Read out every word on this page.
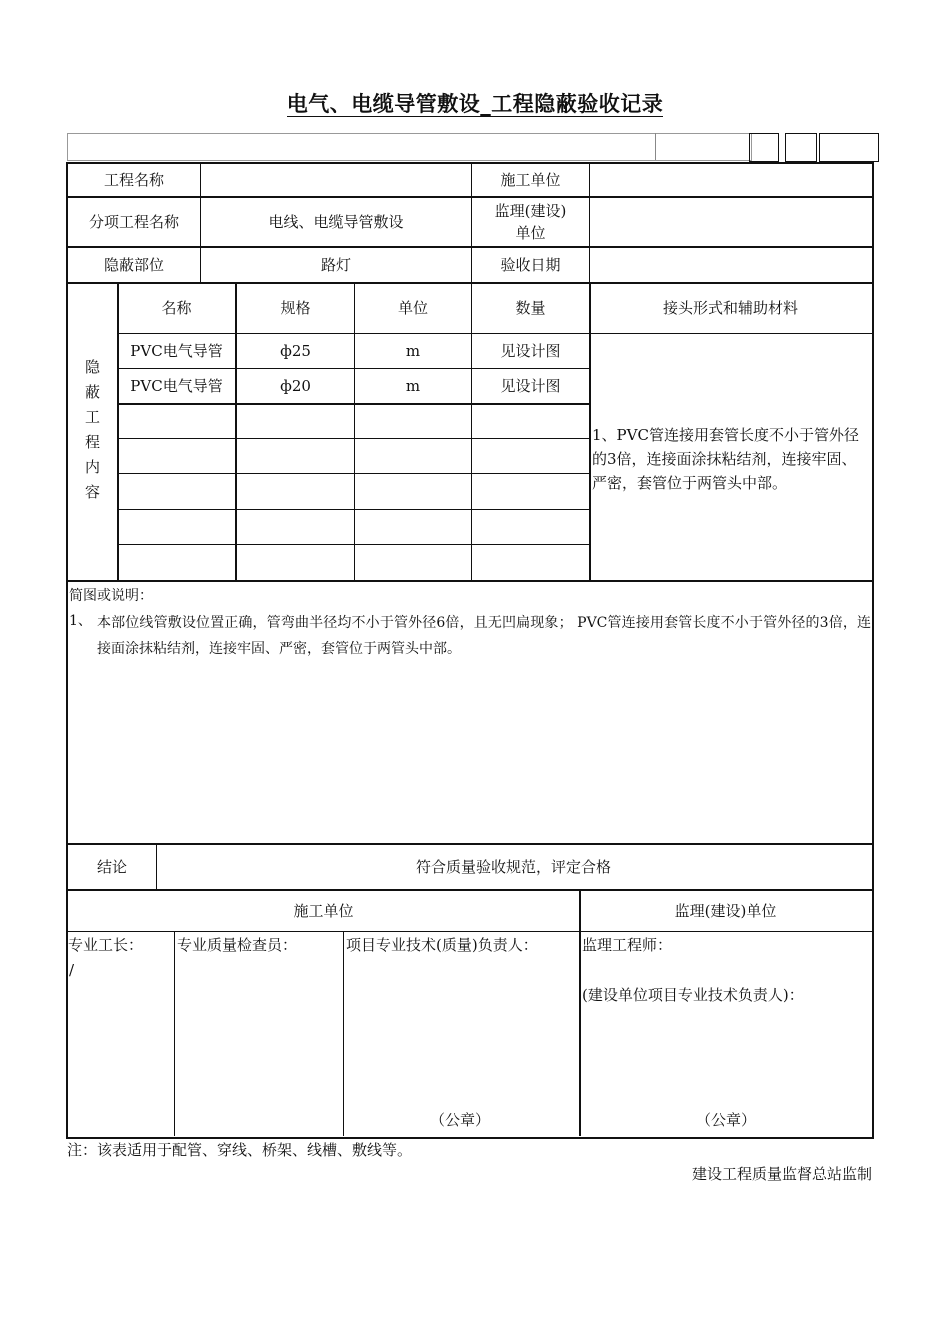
电气、电缆导管敷设_工程隐蔽验收记录
工程名称	施工单位
分项工程名称	电线、电缆导管敷设
监理(建设)
单位
隐蔽部位	路灯	验收日期
隐
蔽
工
程
内
容
名称	规格	单位	数量	接头形式和辅助材料
PVC电气导管	ф25	m	见设计图
PVC电气导管	ф20	m	见设计图
1、PVC管连接用套管长度不小于管外径的3倍，连接面涂抹粘结剂，连接牢固、严密，套管位于两管头中部。
简图或说明：
1、 本部位线管敷设位置正确，管弯曲半径均不小于管外径6倍，且无凹扁现象； PVC管连接用套管长度不小于管外径的3倍，连接面涂抹粘结剂，连接牢固、严密，套管位于两管头中部。
结论	符合质量验收规范，评定合格
施工单位	监理(建设)单位
专业工长：
/
专业质量检查员：	项目专业技术(质量)负责人：	监理工程师：
(建设单位项目专业技术负责人)：
（公章）	（公章）
注：该表适用于配管、穿线、桥架、线槽、敷线等。
建设工程质量监督总站监制
